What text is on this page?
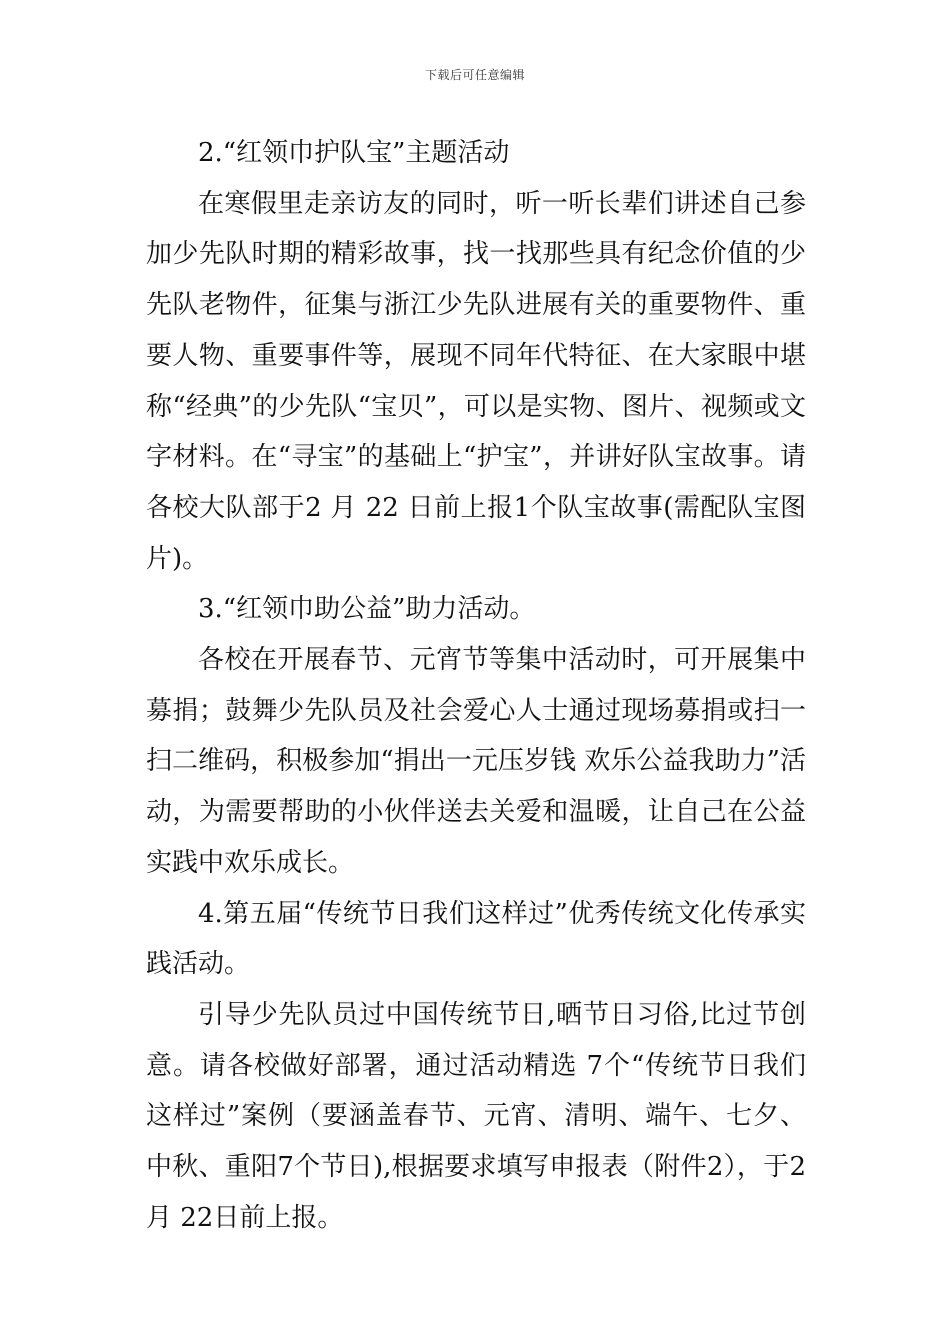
下载后可任意编辑

2.“红领巾护队宝”主题活动

在寒假里走亲访友的同时，听一听长辈们讲述自己参加少先队时期的精彩故事，找一找那些具有纪念价值的少先队老物件，征集与浙江少先队进展有关的重要物件、重要人物、重要事件等，展现不同年代特征、在大家眼中堪称“经典”的少先队“宝贝”，可以是实物、图片、视频或文字材料。在“寻宝”的基础上“护宝”，并讲好队宝故事。请各校大队部于2 月 22 日前上报1个队宝故事(需配队宝图片)。

3.“红领巾助公益”助力活动。

各校在开展春节、元宵节等集中活动时，可开展集中募捐；鼓舞少先队员及社会爱心人士通过现场募捐或扫一扫二维码，积极参加“捐出一元压岁钱 欢乐公益我助力”活动，为需要帮助的小伙伴送去关爱和温暖，让自己在公益实践中欢乐成长。

4.第五届“传统节日我们这样过”优秀传统文化传承实践活动。

引导少先队员过中国传统节日,晒节日习俗,比过节创意。请各校做好部署，通过活动精选 7个“传统节日我们这样过”案例（要涵盖春节、元宵、清明、端午、七夕、中秋、重阳7个节日),根据要求填写申报表（附件2），于2月 22日前上报。
